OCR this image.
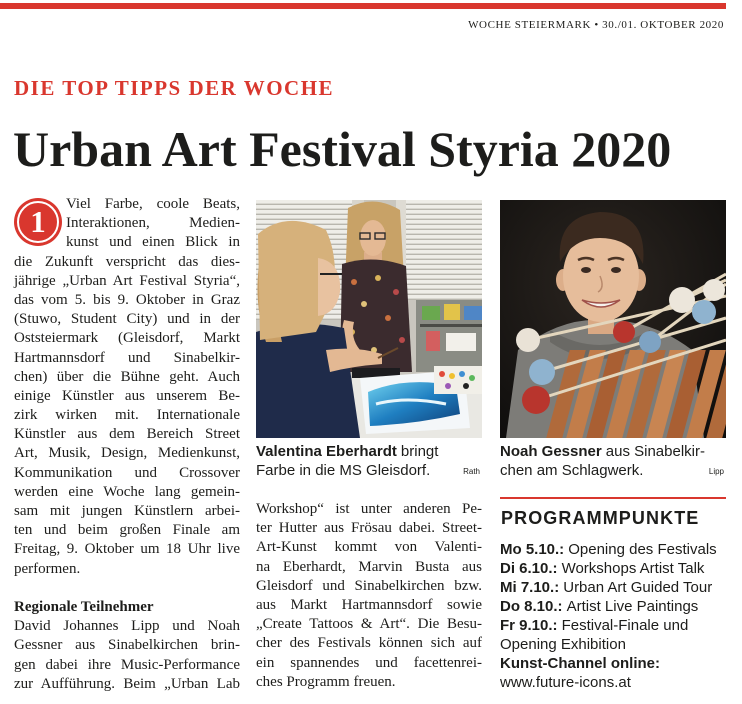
WOCHE STEIERMARK • 30./01. OKTOBER 2020
DIE TOP TIPPS DER WOCHE
Urban Art Festival Styria 2020
1	Viel Farbe, coole Beats,
Interaktionen, Medien-
kunst und einen Blick in
die Zukunft verspricht das dies-
jährige „Urban Art Festival Styria“,
das vom 5. bis 9. Oktober in Graz
(Stuwo, Student City) und in der
Oststeiermark (Gleisdorf, Markt
Hartmannsdorf und Sinabelkir-
chen) über die Bühne geht. Auch
einige Künstler aus unserem Be-
zirk wirken mit. Internationale
Künstler aus dem Bereich Street
Art, Musik, Design, Medienkunst,
Kommunikation und Crossover
werden eine Woche lang gemein-
sam mit jungen Künstlern arbei-
ten und beim großen Finale am
Freitag, 9. Oktober um 18 Uhr live
performen.
Regionale Teilnehmer
David Johannes Lipp und Noah
Gessner aus Sinabelkirchen brin-
gen dabei ihre Music-Performance
zur Aufführung. Beim „Urban Lab
Valentina Eberhardt bringt
Farbe in die MS Gleisdorf.	Rath
Noah Gessner aus Sinabelkir-
chen am Schlagwerk.	Lipp
Workshop“ ist unter anderen Pe-
ter Hutter aus Frösau dabei. Street-
Art-Kunst kommt von Valenti-
na Eberhardt, Marvin Busta aus
Gleisdorf und Sinabelkirchen bzw.
aus Markt Hartmannsdorf sowie
„Create Tattoos & Art“. Die Besu-
cher des Festivals können sich auf
ein spannendes und facettenrei-
ches Programm freuen.
PROGRAMMPUNKTE
Mo 5.10.: Opening des Festivals
Di 6.10.: Workshops Artist Talk
Mi 7.10.: Urban Art Guided Tour
Do 8.10.: Artist Live Paintings
Fr 9.10.: Festival-Finale und
Opening Exhibition
Kunst-Channel online:
www.future-icons.at
